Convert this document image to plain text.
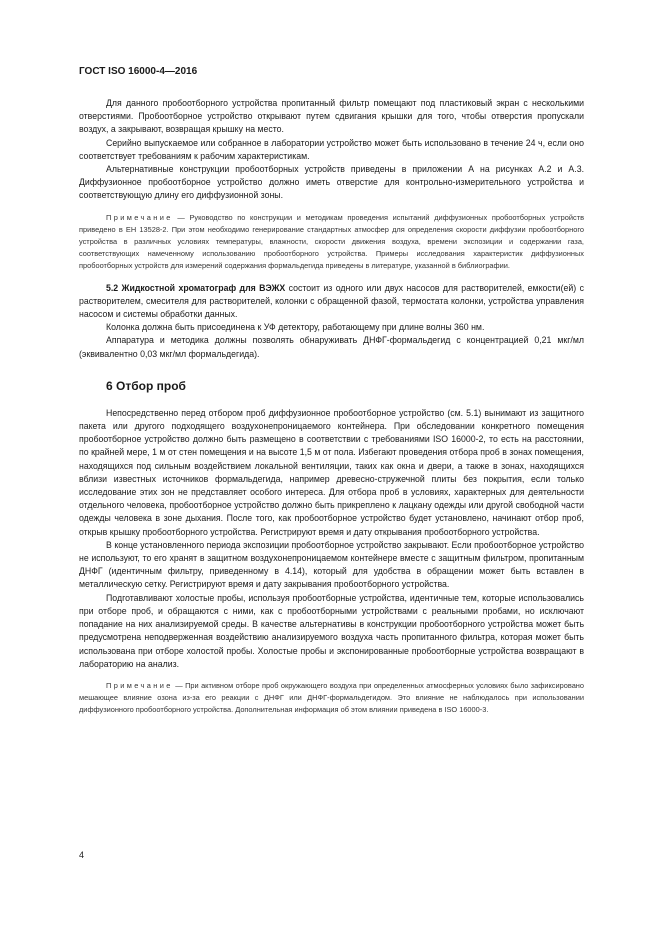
ГОСТ ISO 16000-4—2016

Для данного пробоотборного устройства пропитанный фильтр помещают под пластиковый экран с несколькими отверстиями. Пробоотборное устройство открывают путем сдвигания крышки для того, чтобы отверстия пропускали воздух, а закрывают, возвращая крышку на место.

Серийно выпускаемое или собранное в лаборатории устройство может быть использовано в течение 24 ч, если оно соответствует требованиям к рабочим характеристикам.

Альтернативные конструкции пробоотборных устройств приведены в приложении А на рисунках А.2 и А.3. Диффузионное пробоотборное устройство должно иметь отверстие для контрольно-измерительного устройства и соответствующую длину его диффузионной зоны.

Примечание — Руководство по конструкции и методикам проведения испытаний диффузионных пробоотборных устройств приведено в ЕН 13528-2. При этом необходимо генерирование стандартных атмосфер для определения скорости диффузии пробоотборного устройства в различных условиях температуры, влажности, скорости движения воздуха, времени экспозиции и содержании газа, соответствующих намеченному использованию пробоотборного устройства. Примеры исследования характеристик диффузионных пробоотборных устройств для измерений содержания формальдегида приведены в литературе, указанной в библиографии.

5.2 Жидкостной хроматограф для ВЭЖХ состоит из одного или двух насосов для растворителей, емкости(ей) с растворителем, смесителя для растворителей, колонки с обращенной фазой, термостата колонки, устройства управления насосом и системы обработки данных.

Колонка должна быть присоединена к УФ детектору, работающему при длине волны 360 нм.

Аппаратура и методика должны позволять обнаруживать ДНФГ-формальдегид с концентрацией 0,21 мкг/мл (эквивалентно 0,03 мкг/мл формальдегида).

6 Отбор проб

Непосредственно перед отбором проб диффузионное пробоотборное устройство (см. 5.1) вынимают из защитного пакета или другого подходящего воздухонепроницаемого контейнера. При обследовании конкретного помещения пробоотборное устройство должно быть размещено в соответствии с требованиями ISO 16000-2, то есть на расстоянии, по крайней мере, 1 м от стен помещения и на высоте 1,5 м от пола. Избегают проведения отбора проб в зонах помещения, находящихся под сильным воздействием локальной вентиляции, таких как окна и двери, а также в зонах, находящихся вблизи известных источников формальдегида, например древесно-стружечной плиты без покрытия, если только исследование этих зон не представляет особого интереса. Для отбора проб в условиях, характерных для деятельности отдельного человека, пробоотборное устройство должно быть прикреплено к лацкану одежды или другой свободной части одежды человека в зоне дыхания. После того, как пробоотборное устройство будет установлено, начинают отбор проб, открыв крышку пробоотборного устройства. Регистрируют время и дату открывания пробоотборного устройства.

В конце установленного периода экспозиции пробоотборное устройство закрывают. Если пробоотборное устройство не используют, то его хранят в защитном воздухонепроницаемом контейнере вместе с защитным фильтром, пропитанным ДНФГ (идентичным фильтру, приведенному в 4.14), который для удобства в обращении может быть вставлен в металлическую сетку. Регистрируют время и дату закрывания пробоотборного устройства.

Подготавливают холостые пробы, используя пробоотборные устройства, идентичные тем, которые использовались при отборе проб, и обращаются с ними, как с пробоотборными устройствами с реальными пробами, но исключают попадание на них анализируемой среды. В качестве альтернативы в конструкции пробоотборного устройства может быть предусмотрена неподверженная воздействию анализируемого воздуха часть пропитанного фильтра, которая может быть использована при отборе холостой пробы. Холостые пробы и экспонированные пробоотборные устройства возвращают в лабораторию на анализ.

Примечание — При активном отборе проб окружающего воздуха при определенных атмосферных условиях было зафиксировано мешающее влияние озона из-за его реакции с ДНФГ или ДНФГ-формальдегидом. Это влияние не наблюдалось при использовании диффузионного пробоотборного устройства. Дополнительная информация об этом влиянии приведена в ISO 16000-3.

4
